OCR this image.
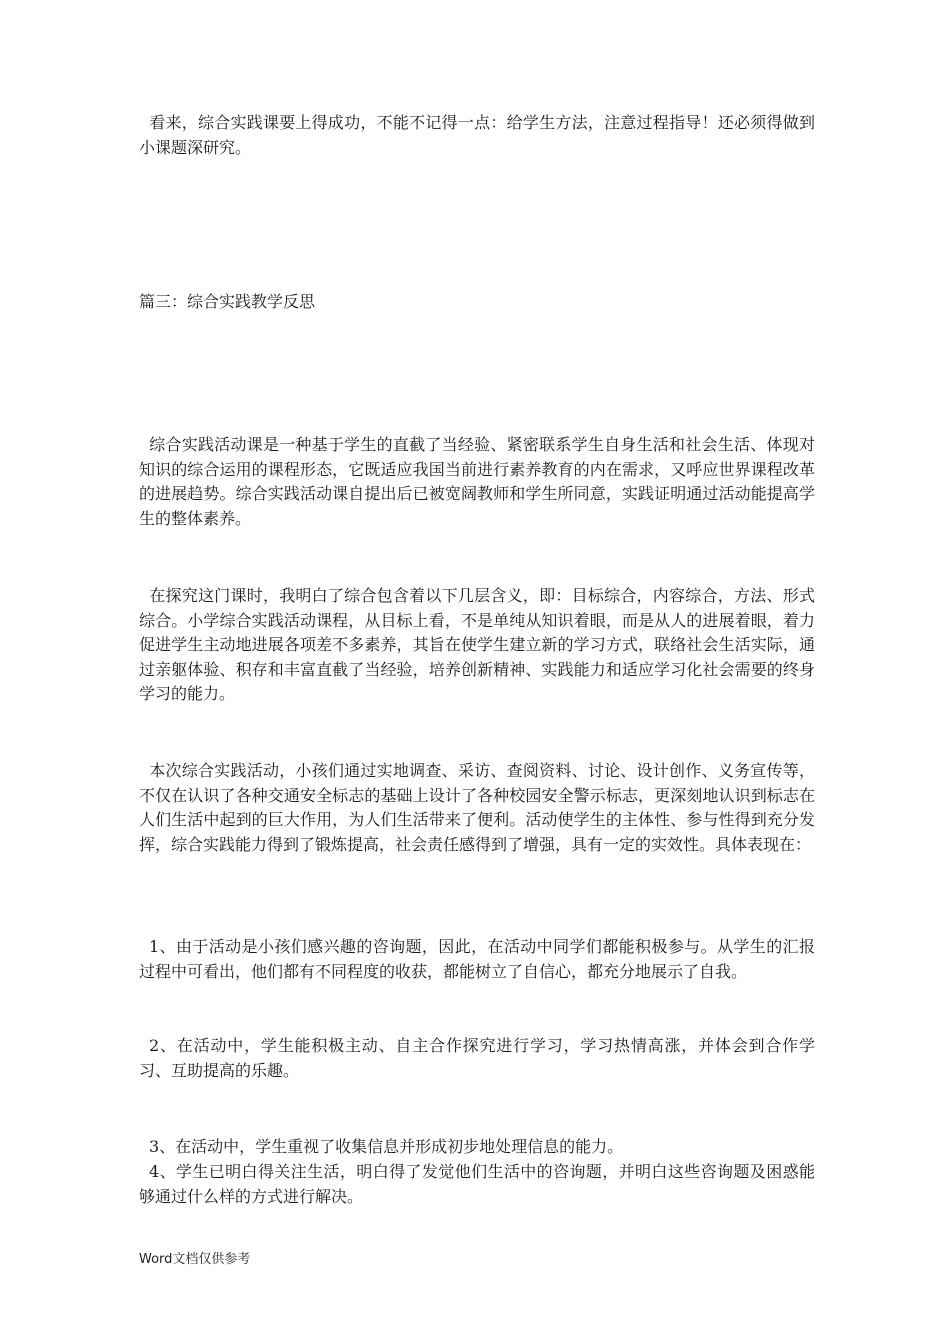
看来，综合实践课要上得成功，不能不记得一点：给学生方法，注意过程指导！还必须得做到小课题深研究。

篇三：综合实践教学反思

综合实践活动课是一种基于学生的直截了当经验、紧密联系学生自身生活和社会生活、体现对知识的综合运用的课程形态，它既适应我国当前进行素养教育的内在需求，又呼应世界课程改革的进展趋势。综合实践活动课自提出后已被宽阔教师和学生所同意，实践证明通过活动能提高学生的整体素养。

在探究这门课时，我明白了综合包含着以下几层含义，即：目标综合，内容综合，方法、形式综合。小学综合实践活动课程，从目标上看，不是单纯从知识着眼，而是从人的进展着眼，着力促进学生主动地进展各项差不多素养，其旨在使学生建立新的学习方式，联络社会生活实际，通过亲躯体验、积存和丰富直截了当经验，培养创新精神、实践能力和适应学习化社会需要的终身学习的能力。

本次综合实践活动，小孩们通过实地调查、采访、查阅资料、讨论、设计创作、义务宣传等，不仅在认识了各种交通安全标志的基础上设计了各种校园安全警示标志，更深刻地认识到标志在人们生活中起到的巨大作用，为人们生活带来了便利。活动使学生的主体性、参与性得到充分发挥，综合实践能力得到了锻炼提高，社会责任感得到了增强，具有一定的实效性。具体表现在：

1、由于活动是小孩们感兴趣的咨询题，因此，在活动中同学们都能积极参与。从学生的汇报过程中可看出，他们都有不同程度的收获，都能树立了自信心，都充分地展示了自我。

2、在活动中，学生能积极主动、自主合作探究进行学习，学习热情高涨，并体会到合作学习、互助提高的乐趣。

3、在活动中，学生重视了收集信息并形成初步地处理信息的能力。

4、学生已明白得关注生活，明白得了发觉他们生活中的咨询题，并明白这些咨询题及困惑能够通过什么样的方式进行解决。

Word文档仅供参考
